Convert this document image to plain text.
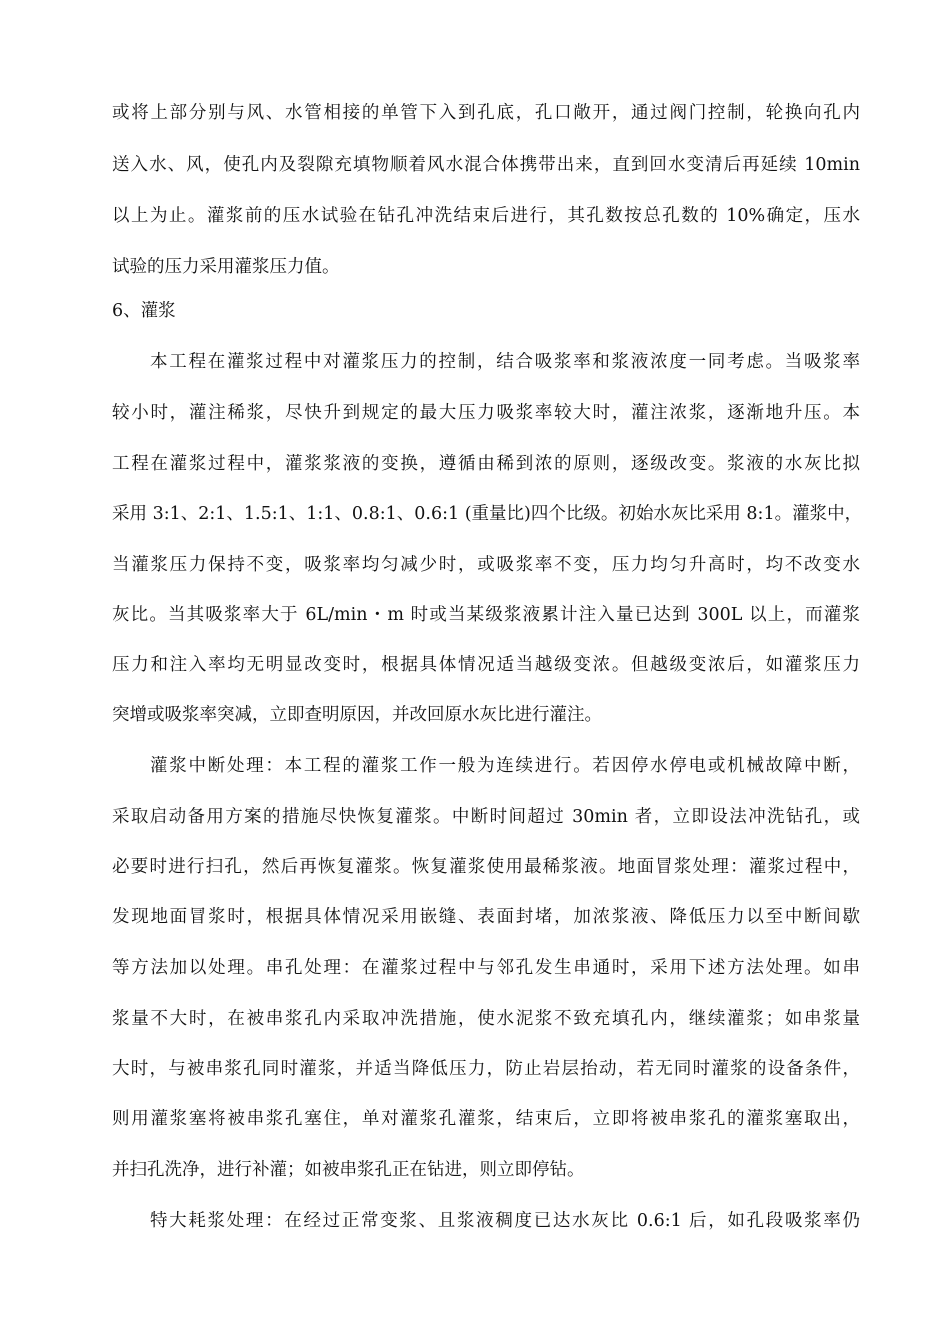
或将上部分别与风、水管相接的单管下入到孔底，孔口敞开，通过阀门控制，轮换向孔内
送入水、风，使孔内及裂隙充填物顺着风水混合体携带出来，直到回水变清后再延续 10min
以上为止。灌浆前的压水试验在钻孔冲洗结束后进行，其孔数按总孔数的 10%确定，压水
试验的压力采用灌浆压力值。
6、灌浆
本工程在灌浆过程中对灌浆压力的控制，结合吸浆率和浆液浓度一同考虑。当吸浆率
较小时，灌注稀浆，尽快升到规定的最大压力吸浆率较大时，灌注浓浆，逐渐地升压。本
工程在灌浆过程中，灌浆浆液的变换，遵循由稀到浓的原则，逐级改变。浆液的水灰比拟
采用 3:1、2:1、1.5:1、1:1、0.8:1、0.6:1 (重量比)四个比级。初始水灰比采用 8:1。灌浆中，
当灌浆压力保持不变，吸浆率均匀减少时，或吸浆率不变，压力均匀升高时，均不改变水
灰比。当其吸浆率大于 6L/min・m 时或当某级浆液累计注入量已达到 300L 以上，而灌浆
压力和注入率均无明显改变时，根据具体情况适当越级变浓。但越级变浓后，如灌浆压力
突增或吸浆率突减，立即查明原因，并改回原水灰比进行灌注。
灌浆中断处理：本工程的灌浆工作一般为连续进行。若因停水停电或机械故障中断，
采取启动备用方案的措施尽快恢复灌浆。中断时间超过 30min 者，立即设法冲洗钻孔，或
必要时进行扫孔，然后再恢复灌浆。恢复灌浆使用最稀浆液。地面冒浆处理：灌浆过程中，
发现地面冒浆时，根据具体情况采用嵌缝、表面封堵，加浓浆液、降低压力以至中断间歇
等方法加以处理。串孔处理：在灌浆过程中与邻孔发生串通时，采用下述方法处理。如串
浆量不大时，在被串浆孔内采取冲洗措施，使水泥浆不致充填孔内，继续灌浆；如串浆量
大时，与被串浆孔同时灌浆，并适当降低压力，防止岩层抬动，若无同时灌浆的设备条件，
则用灌浆塞将被串浆孔塞住，单对灌浆孔灌浆，结束后，立即将被串浆孔的灌浆塞取出，
并扫孔洗净，进行补灌；如被串浆孔正在钻进，则立即停钻。
特大耗浆处理：在经过正常变浆、且浆液稠度已达水灰比 0.6:1 后，如孔段吸浆率仍
